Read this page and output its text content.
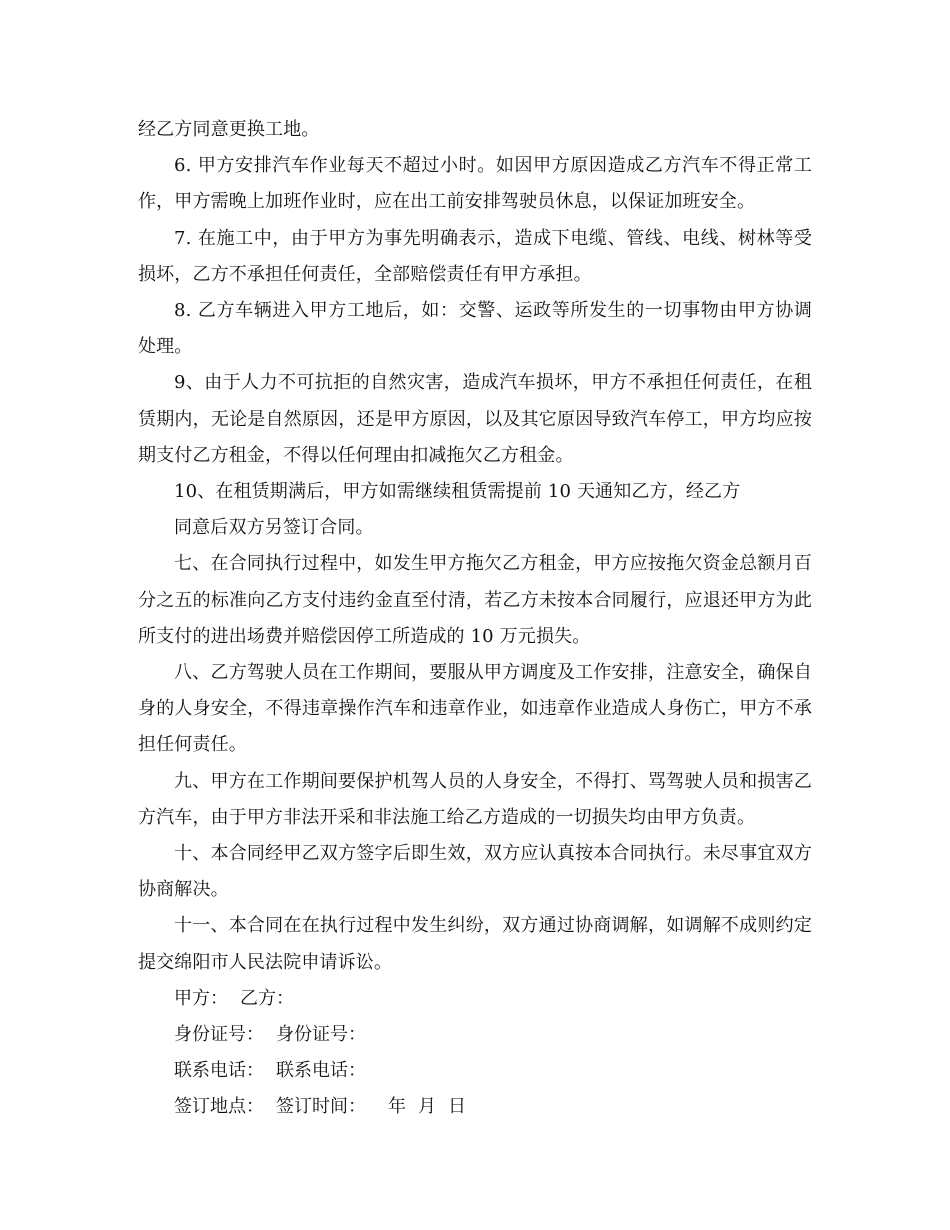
经乙方同意更换工地。

6. 甲方安排汽车作业每天不超过小时。如因甲方原因造成乙方汽车不得正常工作，甲方需晚上加班作业时，应在出工前安排驾驶员休息，以保证加班安全。

7. 在施工中，由于甲方为事先明确表示，造成下电缆、管线、电线、树林等受损坏，乙方不承担任何责任，全部赔偿责任有甲方承担。

8. 乙方车辆进入甲方工地后，如：交警、运政等所发生的一切事物由甲方协调处理。

9、由于人力不可抗拒的自然灾害，造成汽车损坏，甲方不承担任何责任，在租赁期内，无论是自然原因，还是甲方原因，以及其它原因导致汽车停工，甲方均应按期支付乙方租金，不得以任何理由扣减拖欠乙方租金。

10、在租赁期满后，甲方如需继续租赁需提前 10 天通知乙方，经乙方

同意后双方另签订合同。

七、在合同执行过程中，如发生甲方拖欠乙方租金，甲方应按拖欠资金总额月百分之五的标准向乙方支付违约金直至付清，若乙方未按本合同履行，应退还甲方为此所支付的进出场费并赔偿因停工所造成的 10 万元损失。

八、乙方驾驶人员在工作期间，要服从甲方调度及工作安排，注意安全，确保自身的人身安全，不得违章操作汽车和违章作业，如违章作业造成人身伤亡，甲方不承担任何责任。

九、甲方在工作期间要保护机驾人员的人身安全，不得打、骂驾驶人员和损害乙方汽车，由于甲方非法开采和非法施工给乙方造成的一切损失均由甲方负责。

十、本合同经甲乙双方签字后即生效，双方应认真按本合同执行。未尽事宜双方协商解决。

十一、本合同在在执行过程中发生纠纷，双方通过协商调解，如调解不成则约定提交绵阳市人民法院申请诉讼。

甲方： 乙方：
身份证号： 身份证号：
联系电话： 联系电话：
签订地点： 签订时间： 年 月 日
